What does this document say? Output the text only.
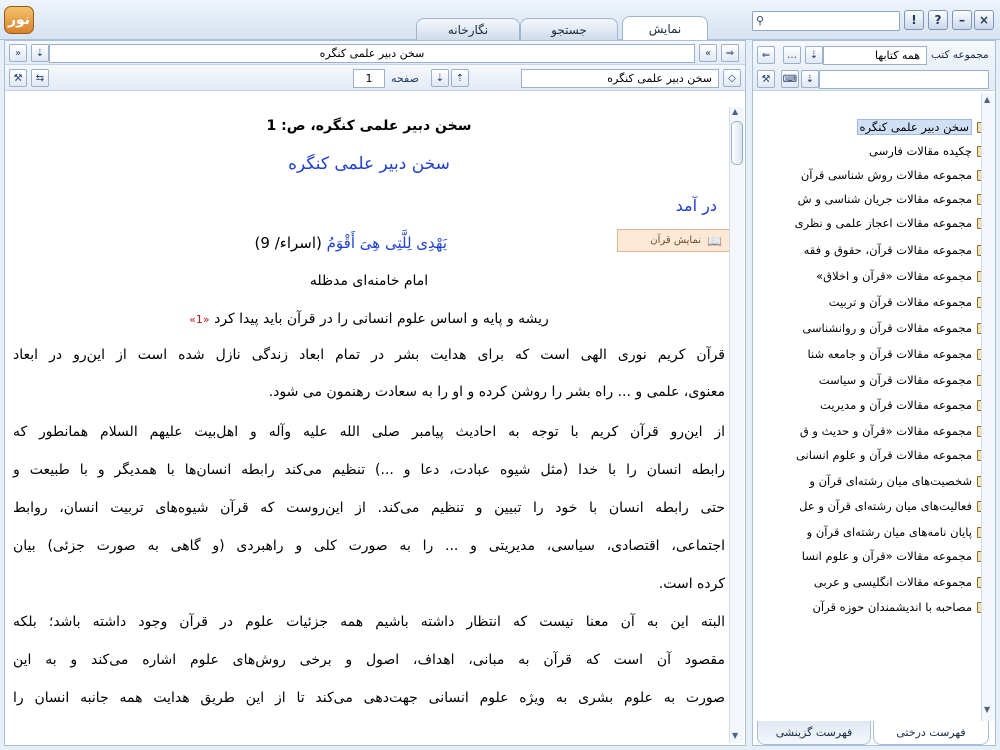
نور
نمایش
جستجو
نگارخانه
⚲	!	?	–	×
»	⇣	سخن دبیر علمی کنگره	«	⇒
⚒	⇆	1	صفحه	⇣	⇡	سخن دبیر علمی کنگره	◇
سخن دبیر علمی کنگره، ص: 1
سخن دبیر علمی کنگره
در آمد
یَهْدِی لِلَّتِی هِیَ أَقْوَمُ (اسراء/ 9)
امام خامنه‌ای مدظله
ریشه و پایه و اساس علوم انسانی را در قرآن باید پیدا کرد «1»
قرآن کریم نوری الهی است که برای هدایت بشر در تمام ابعاد زندگی نازل شده است از این‌رو در ابعاد
معنوی، علمی و ... راه بشر را روشن کرده و او را به سعادت رهنمون می شود.
از این‌رو قرآن کریم با توجه به احادیث پیامبر صلی الله علیه وآله و اهل‌بیت علیهم السلام همانطور که
رابطه انسان را با خدا (مثل شیوه عبادت، دعا و ...) تنظیم می‌کند رابطه انسان‌ها با همدیگر و با طبیعت و
حتی رابطه انسان با خود را تبیین و تنظیم می‌کند. از این‌روست که قرآن شیوه‌های تربیت انسان، روابط
اجتماعی، اقتصادی، سیاسی، مدیریتی و ... را به صورت کلی و راهبردی (و گاهی به صورت جزئی) بیان
کرده است.
البته این به آن معنا نیست که انتظار داشته باشیم همه جزئیات علوم در قرآن وجود داشته باشد؛ بلکه
مقصود آن است که قرآن به مبانی، اهداف، اصول و برخی روش‌های علوم اشاره می‌کند و به این
صورت به علوم بشری به ویژه علوم انسانی جهت‌دهی می‌کند تا از این طریق هدایت همه جانبه انسان را
نمایش قرآن 📖
▲
▼
⇐	…	⇣	همه کتابها	مجموعه کتب
⚒	⌨ ⇣
سخن دبیر علمی کنگره
چکیده مقالات فارسی
مجموعه مقالات روش شناسی قرآن
مجموعه مقالات جریان شناسی و ش
مجموعه مقالات اعجاز علمی و نظری
مجموعه مقالات قرآن، حقوق و فقه
مجموعه مقالات «قرآن و اخلاق»
مجموعه مقالات قرآن و تربیت
مجموعه مقالات قرآن و روانشناسی
مجموعه مقالات قرآن و جامعه شنا
مجموعه مقالات قرآن و سیاست
مجموعه مقالات قرآن و مدیریت
مجموعه مقالات «قرآن و حدیث و ق
مجموعه مقالات قرآن و علوم انسانی
شخصیت‌های میان رشته‌ای قرآن و
فعالیت‌های میان رشته‌ای قرآن و عل
پایان نامه‌های میان رشته‌ای قرآن و
مجموعه مقالات «قرآن و علوم انسا
مجموعه مقالات انگلیسی و عربی
مصاحبه با اندیشمندان حوزه قرآن
▲
▼
فهرست درختی
فهرست گزینشی
